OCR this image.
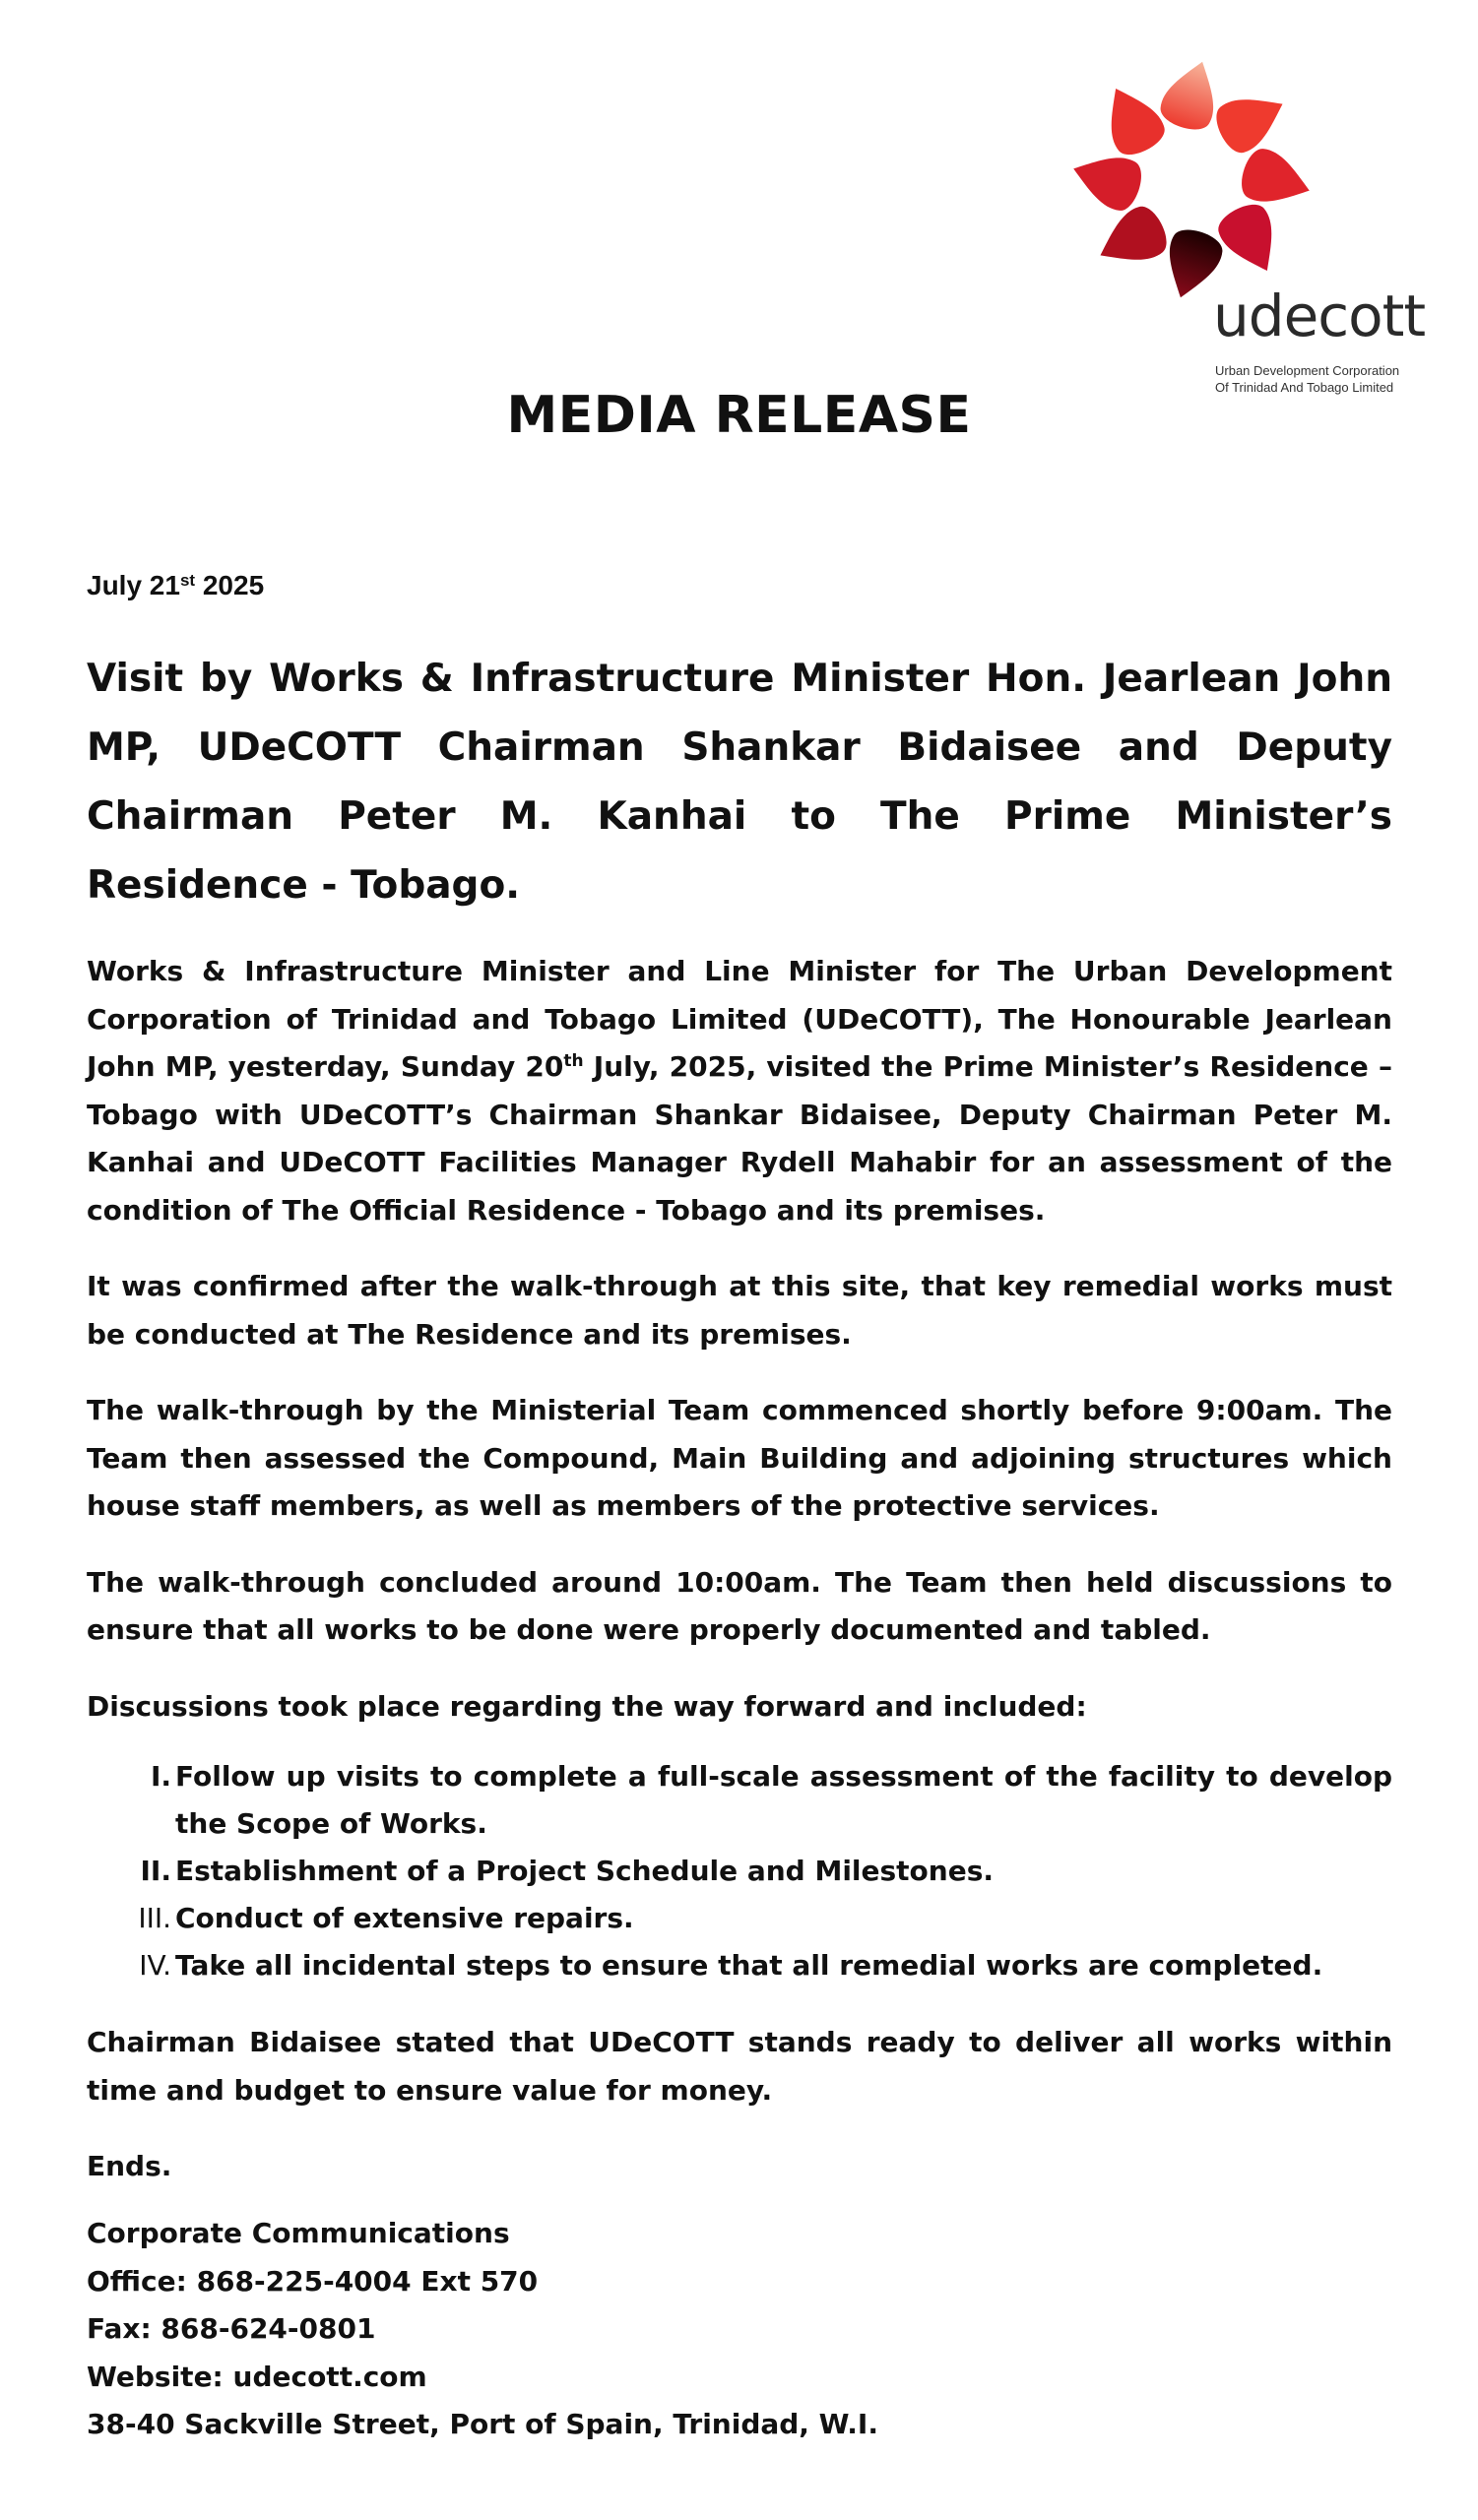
udecott
Urban Development Corporation
Of Trinidad And Tobago Limited
MEDIA RELEASE
July 21st 2025
Visit by Works & Infrastructure Minister Hon. Jearlean John MP, UDeCOTT Chairman Shankar Bidaisee and Deputy Chairman Peter M. Kanhai to The Prime Minister’s Residence - Tobago.
Works & Infrastructure Minister and Line Minister for The Urban Development Corporation of Trinidad and Tobago Limited (UDeCOTT), The Honourable Jearlean John MP, yesterday, Sunday 20th July, 2025, visited the Prime Minister’s Residence – Tobago with UDeCOTT’s Chairman Shankar Bidaisee, Deputy Chairman Peter M. Kanhai and UDeCOTT Facilities Manager Rydell Mahabir for an assessment of the condition of The Official Residence - Tobago and its premises.
It was confirmed after the walk-through at this site, that key remedial works must be conducted at The Residence and its premises.
The walk-through by the Ministerial Team commenced shortly before 9:00am. The Team then assessed the Compound, Main Building and adjoining structures which house staff members, as well as members of the protective services.
The walk-through concluded around 10:00am. The Team then held discussions to ensure that all works to be done were properly documented and tabled.
Discussions took place regarding the way forward and included:
I. Follow up visits to complete a full-scale assessment of the facility to develop the Scope of Works.
II. Establishment of a Project Schedule and Milestones.
III. Conduct of extensive repairs.
IV. Take all incidental steps to ensure that all remedial works are completed.
Chairman Bidaisee stated that UDeCOTT stands ready to deliver all works within time and budget to ensure value for money.
Ends.
Corporate Communications
Office: 868-225-4004 Ext 570
Fax: 868-624-0801
Website: udecott.com
38-40 Sackville Street, Port of Spain, Trinidad, W.I.
